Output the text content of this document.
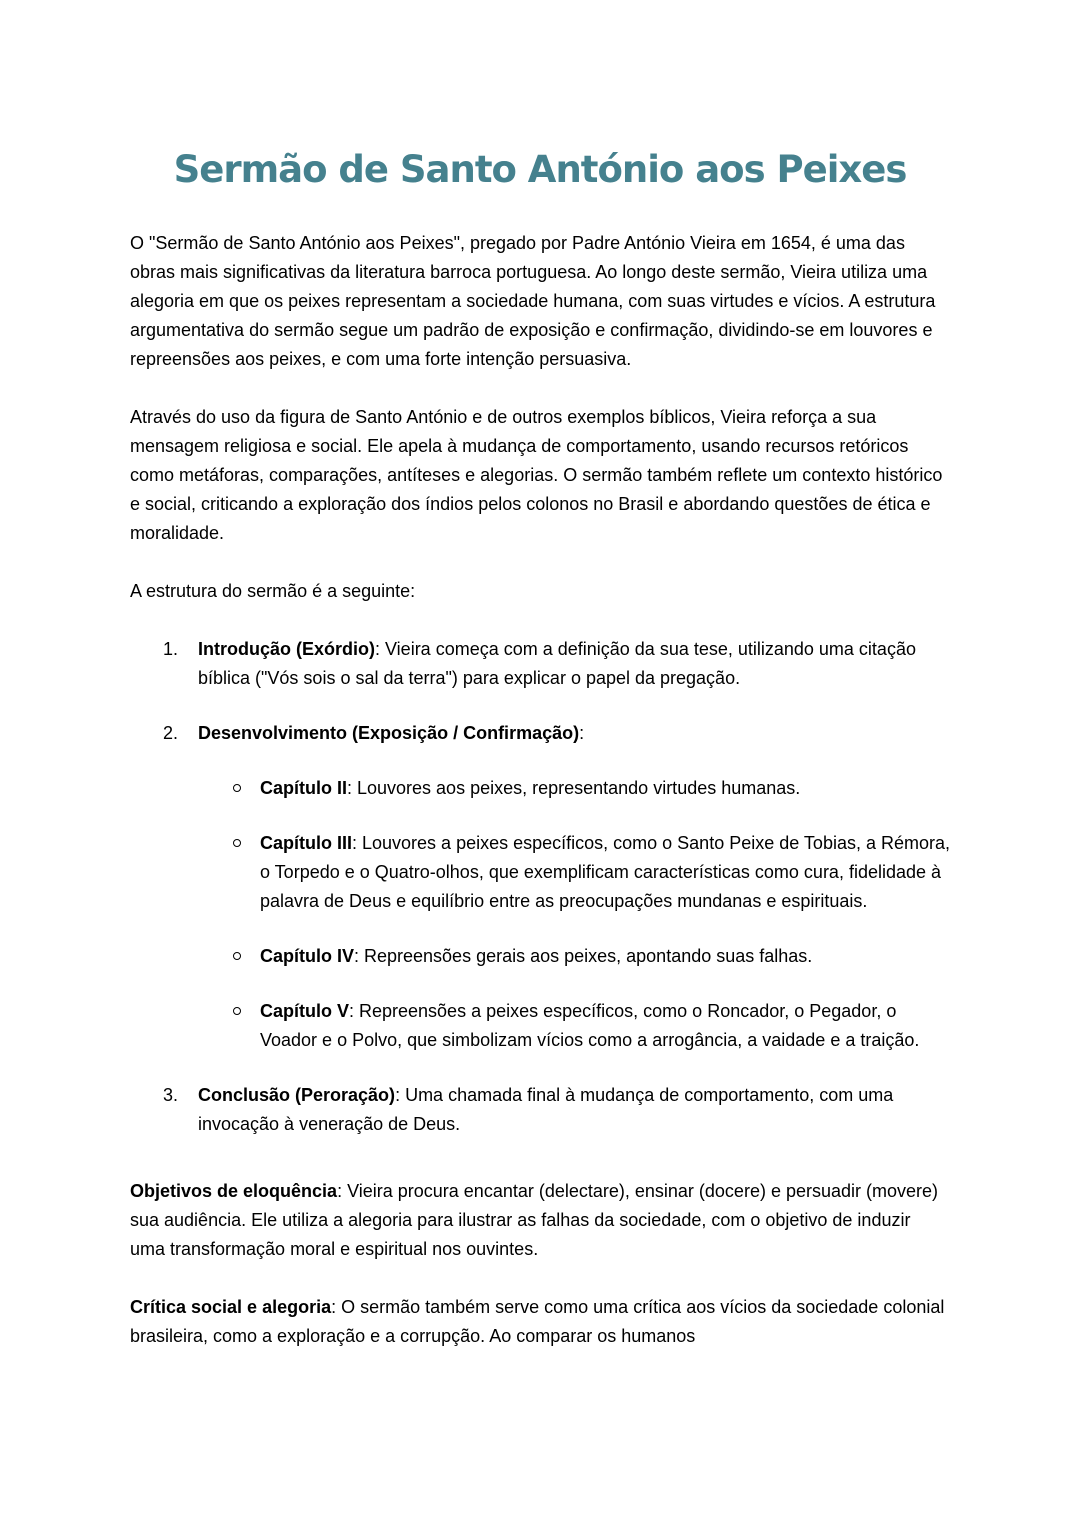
Sermão de Santo António aos Peixes

O "Sermão de Santo António aos Peixes", pregado por Padre António Vieira em 1654, é uma das obras mais significativas da literatura barroca portuguesa. Ao longo deste sermão, Vieira utiliza uma alegoria em que os peixes representam a sociedade humana, com suas virtudes e vícios. A estrutura argumentativa do sermão segue um padrão de exposição e confirmação, dividindo-se em louvores e repreensões aos peixes, e com uma forte intenção persuasiva.

Através do uso da figura de Santo António e de outros exemplos bíblicos, Vieira reforça a sua mensagem religiosa e social. Ele apela à mudança de comportamento, usando recursos retóricos como metáforas, comparações, antíteses e alegorias. O sermão também reflete um contexto histórico e social, criticando a exploração dos índios pelos colonos no Brasil e abordando questões de ética e moralidade.

A estrutura do sermão é a seguinte:

1.	Introdução (Exórdio): Vieira começa com a definição da sua tese, utilizando uma citação bíblica ("Vós sois o sal da terra") para explicar o papel da pregação.
2.	Desenvolvimento (Exposição / Confirmação):
Capítulo II: Louvores aos peixes, representando virtudes humanas.
Capítulo III: Louvores a peixes específicos, como o Santo Peixe de Tobias, a Rémora, o Torpedo e o Quatro-olhos, que exemplificam características como cura, fidelidade à palavra de Deus e equilíbrio entre as preocupações mundanas e espirituais.
Capítulo IV: Repreensões gerais aos peixes, apontando suas falhas.
Capítulo V: Repreensões a peixes específicos, como o Roncador, o Pegador, o Voador e o Polvo, que simbolizam vícios como a arrogância, a vaidade e a traição.
3.	Conclusão (Peroração): Uma chamada final à mudança de comportamento, com uma invocação à veneração de Deus.

Objetivos de eloquência: Vieira procura encantar (delectare), ensinar (docere) e persuadir (movere) sua audiência. Ele utiliza a alegoria para ilustrar as falhas da sociedade, com o objetivo de induzir uma transformação moral e espiritual nos ouvintes.

Crítica social e alegoria: O sermão também serve como uma crítica aos vícios da sociedade colonial brasileira, como a exploração e a corrupção. Ao comparar os humanos
